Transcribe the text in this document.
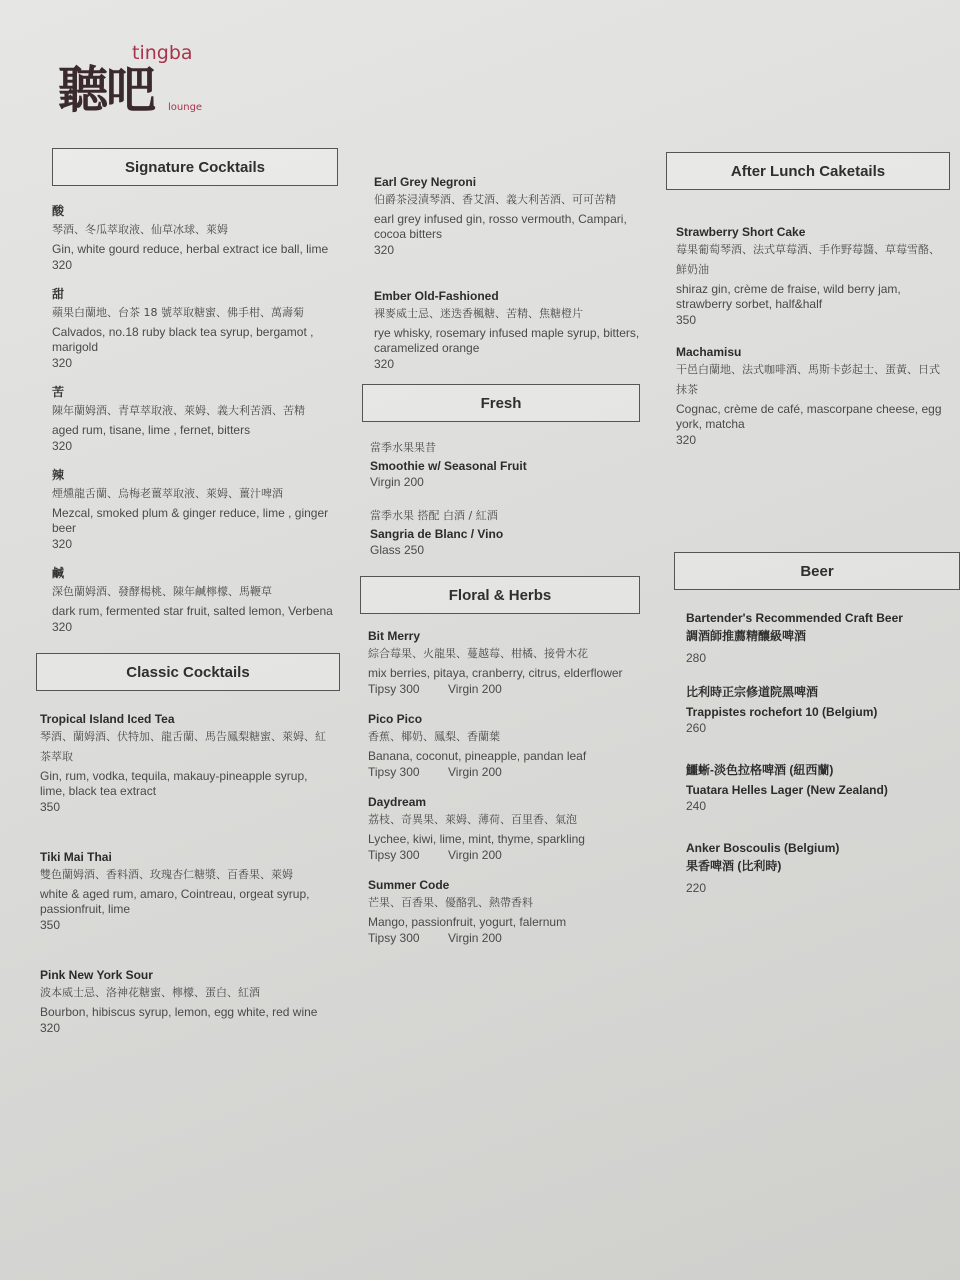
聽吧
tingba
lounge
Signature Cocktails
酸
琴酒、冬瓜萃取液、仙草冰球、萊姆
Gin, white gourd reduce, herbal extract ice ball, lime
320
甜
蘋果白蘭地、台茶 18 號萃取糖蜜、佛手柑、萬壽菊
Calvados, no.18 ruby black tea syrup, bergamot , marigold
320
苦
陳年蘭姆酒、青草萃取液、萊姆、義大利苦酒、苦精
aged rum, tisane, lime , fernet, bitters
320
辣
煙燻龍舌蘭、烏梅老薑萃取液、萊姆、薑汁啤酒
Mezcal, smoked plum & ginger reduce, lime , ginger beer
320
鹹
深色蘭姆酒、發酵楊桃、陳年鹹檸檬、馬鞭草
dark rum, fermented star fruit, salted lemon, Verbena
320
Classic Cocktails
Tropical Island Iced Tea
琴酒、蘭姆酒、伏特加、龍舌蘭、馬告鳳梨糖蜜、萊姆、紅茶萃取
Gin, rum, vodka, tequila, makauy-pineapple syrup, lime, black tea extract
350
Tiki Mai Thai
雙色蘭姆酒、香料酒、玫瑰杏仁糖漿、百香果、萊姆
white & aged rum, amaro, Cointreau, orgeat syrup, passionfruit, lime
350
Pink New York Sour
波本威士忌、洛神花糖蜜、檸檬、蛋白、紅酒
Bourbon, hibiscus syrup, lemon, egg white, red wine
320
Earl Grey Negroni
伯爵茶浸漬琴酒、香艾酒、義大利苦酒、可可苦精
earl grey infused gin, rosso vermouth, Campari, cocoa bitters
320
Ember Old-Fashioned
裸麥威士忌、迷迭香楓糖、苦精、焦糖橙片
rye whisky, rosemary infused maple syrup, bitters, caramelized orange
320
Fresh
當季水果果昔
Smoothie w/ Seasonal Fruit
Virgin 200
當季水果 搭配 白酒 / 紅酒
Sangria de Blanc / Vino
Glass 250
Floral & Herbs
Bit Merry
綜合莓果、火龍果、蔓越莓、柑橘、接骨木花
mix berries, pitaya, cranberry, citrus, elderflower
Tipsy 300 Virgin 200
Pico Pico
香蕉、椰奶、鳳梨、香蘭葉
Banana, coconut, pineapple, pandan leaf
Tipsy 300 Virgin 200
Daydream
荔枝、奇異果、萊姆、薄荷、百里香、氣泡
Lychee, kiwi, lime, mint, thyme, sparkling
Tipsy 300 Virgin 200
Summer Code
芒果、百香果、優酪乳、熱帶香料
Mango, passionfruit, yogurt, falernum
Tipsy 300 Virgin 200
After Lunch Caketails
Strawberry Short Cake
莓果葡萄琴酒、法式草莓酒、手作野莓醬、草莓雪酪、鮮奶油
shiraz gin, crème de fraise, wild berry jam, strawberry sorbet, half&half
350
Machamisu
干邑白蘭地、法式咖啡酒、馬斯卡彭起士、蛋黃、日式抹茶
Cognac, crème de café, mascorpane cheese, egg york, matcha
320
Beer
Bartender's Recommended Craft Beer
調酒師推薦精釀級啤酒
280
比利時正宗修道院黑啤酒
Trappistes rochefort 10 (Belgium)
260
鱷蜥-淡色拉格啤酒 (紐西蘭)
Tuatara Helles Lager (New Zealand)
240
Anker Boscoulis (Belgium)
果香啤酒 (比利時)
220
